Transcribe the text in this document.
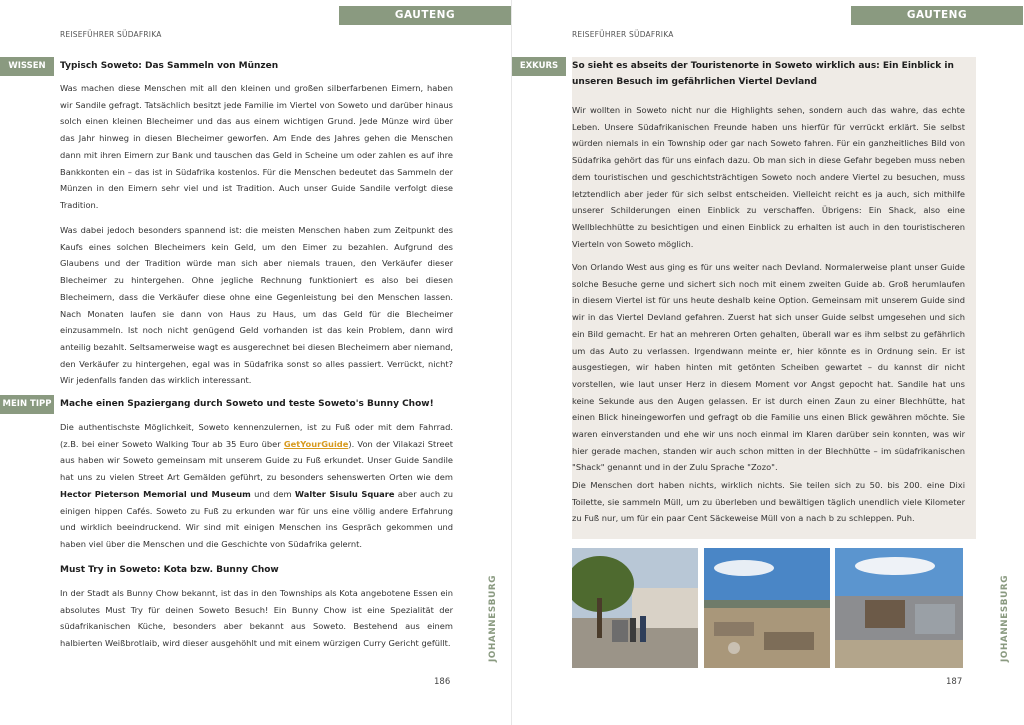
GAUTENG
REISEFÜHRER SÜDAFRIKA
WISSEN	Typisch Soweto: Das Sammeln von Münzen

Was machen diese Menschen mit all den kleinen und großen silberfarbenen Eimern, haben wir Sandile gefragt. Tatsächlich besitzt jede Familie im Viertel von Soweto und darüber hinaus solch einen kleinen Blecheimer und das aus einem wichtigen Grund. Jede Münze wird über das Jahr hinweg in diesen Blecheimer geworfen. Am Ende des Jahres gehen die Menschen dann mit ihren Eimern zur Bank und tauschen das Geld in Scheine um oder zahlen es auf ihre Bankkonten ein – das ist in Südafrika kostenlos. Für die Menschen bedeutet das Sammeln der Münzen in den Eimern sehr viel und ist Tradition. Auch unser Guide Sandile verfolgt diese Tradition.

Was dabei jedoch besonders spannend ist: die meisten Menschen haben zum Zeitpunkt des Kaufs eines solchen Blecheimers kein Geld, um den Eimer zu bezahlen. Aufgrund des Glaubens und der Tradition würde man sich aber niemals trauen, den Verkäufer dieser Blecheimer zu hintergehen. Ohne jegliche Rechnung funktioniert es also bei diesen Blecheimern, dass die Verkäufer diese ohne eine Gegenleistung bei den Menschen lassen. Nach Monaten laufen sie dann von Haus zu Haus, um das Geld für die Blecheimer einzusammeln. Ist noch nicht genügend Geld vorhanden ist das kein Problem, dann wird anteilig bezahlt. Seltsamerweise wagt es ausgerechnet bei diesen Blecheimern aber niemand, den Verkäufer zu hintergehen, egal was in Südafrika sonst so alles passiert. Verrückt, nicht? Wir jedenfalls fanden das wirklich interessant.

MEIN TIPP Mache einen Spaziergang durch Soweto und teste Soweto's Bunny Chow!

Die authentischste Möglichkeit, Soweto kennenzulernen, ist zu Fuß oder mit dem Fahrrad. (z.B. bei einer Soweto Walking Tour ab 35 Euro über GetYourGuide). Von der Vilakazi Street aus haben wir Soweto gemeinsam mit unserem Guide zu Fuß erkundet. Unser Guide Sandile hat uns zu vielen Street Art Gemälden geführt, zu besonders sehenswerten Orten wie dem Hector Pieterson Memorial und Museum und dem Walter Sisulu Square aber auch zu einigen hippen Cafés. Soweto zu Fuß zu erkunden war für uns eine völlig andere Erfahrung und wirklich beeindruckend. Wir sind mit einigen Menschen ins Gespräch gekommen und haben viel über die Menschen und die Geschichte von Südafrika gelernt.

Must Try in Soweto: Kota bzw. Bunny Chow

In der Stadt als Bunny Chow bekannt, ist das in den Townships als Kota angebotene Essen ein absolutes Must Try für deinen Soweto Besuch! Ein Bunny Chow ist eine Spezialität der südafrikanischen Küche, besonders aber bekannt aus Soweto. Bestehend aus einem halbierten Weißbrotlaib, wird dieser ausgehöhlt und mit einem würzigen Curry Gericht gefüllt.	JOHANNESBURG
186
GAUTENG
REISEFÜHRER SÜDAFRIKA
EXKURS	So sieht es abseits der Touristenorte in Soweto wirklich aus: Ein Einblick in unseren Besuch im gefährlichen Viertel Devland

Wir wollten in Soweto nicht nur die Highlights sehen, sondern auch das wahre, das echte Leben. Unsere Südafrikanischen Freunde haben uns hierfür für verrückt erklärt. Sie selbst würden niemals in ein Township oder gar nach Soweto fahren. Für ein ganzheitliches Bild von Südafrika gehört das für uns einfach dazu. Ob man sich in diese Gefahr begeben muss neben dem touristischen und geschichtsträchtigen Soweto noch andere Viertel zu besuchen, muss letztendlich aber jeder für sich selbst entscheiden. Vielleicht reicht es ja auch, sich mithilfe unserer Schilderungen einen Einblick zu verschaffen. Übrigens: Ein Shack, also eine Wellblechhütte zu besichtigen und einen Einblick zu erhalten ist auch in den touristischeren Vierteln von Soweto möglich.

Von Orlando West aus ging es für uns weiter nach Devland. Normalerweise plant unser Guide solche Besuche gerne und sichert sich noch mit einem zweiten Guide ab. Groß herumlaufen in diesem Viertel ist für uns heute deshalb keine Option. Gemeinsam mit unserem Guide sind wir in das Viertel Devland gefahren. Zuerst hat sich unser Guide selbst umgesehen und sich ein Bild gemacht. Er hat an mehreren Orten gehalten, überall war es ihm selbst zu gefährlich um das Auto zu verlassen. Irgendwann meinte er, hier könnte es in Ordnung sein. Er ist ausgestiegen, wir haben hinten mit getönten Scheiben gewartet – du kannst dir nicht vorstellen, wie laut unser Herz in diesem Moment vor Angst gepocht hat. Sandile hat uns keine Sekunde aus den Augen gelassen. Er ist durch einen Zaun zu einer Blechhütte, hat einen Blick hineingeworfen und gefragt ob die Familie uns einen Blick gewähren möchte. Sie waren einverstanden und ehe wir uns noch einmal im Klaren darüber sein konnten, was wir hier gerade machen, standen wir auch schon mitten in der Blechhütte – im südafrikanischen "Shack" genannt und in der Zulu Sprache "Zozo".

Die Menschen dort haben nichts, wirklich nichts. Sie teilen sich zu 50. bis 200. eine Dixi Toilette, sie sammeln Müll, um zu überleben und bewältigen täglich unendlich viele Kilometer zu Fuß nur, um für ein paar Cent Säckeweise Müll von a nach b zu schleppen. Puh.

JOHANNESBURG
187
